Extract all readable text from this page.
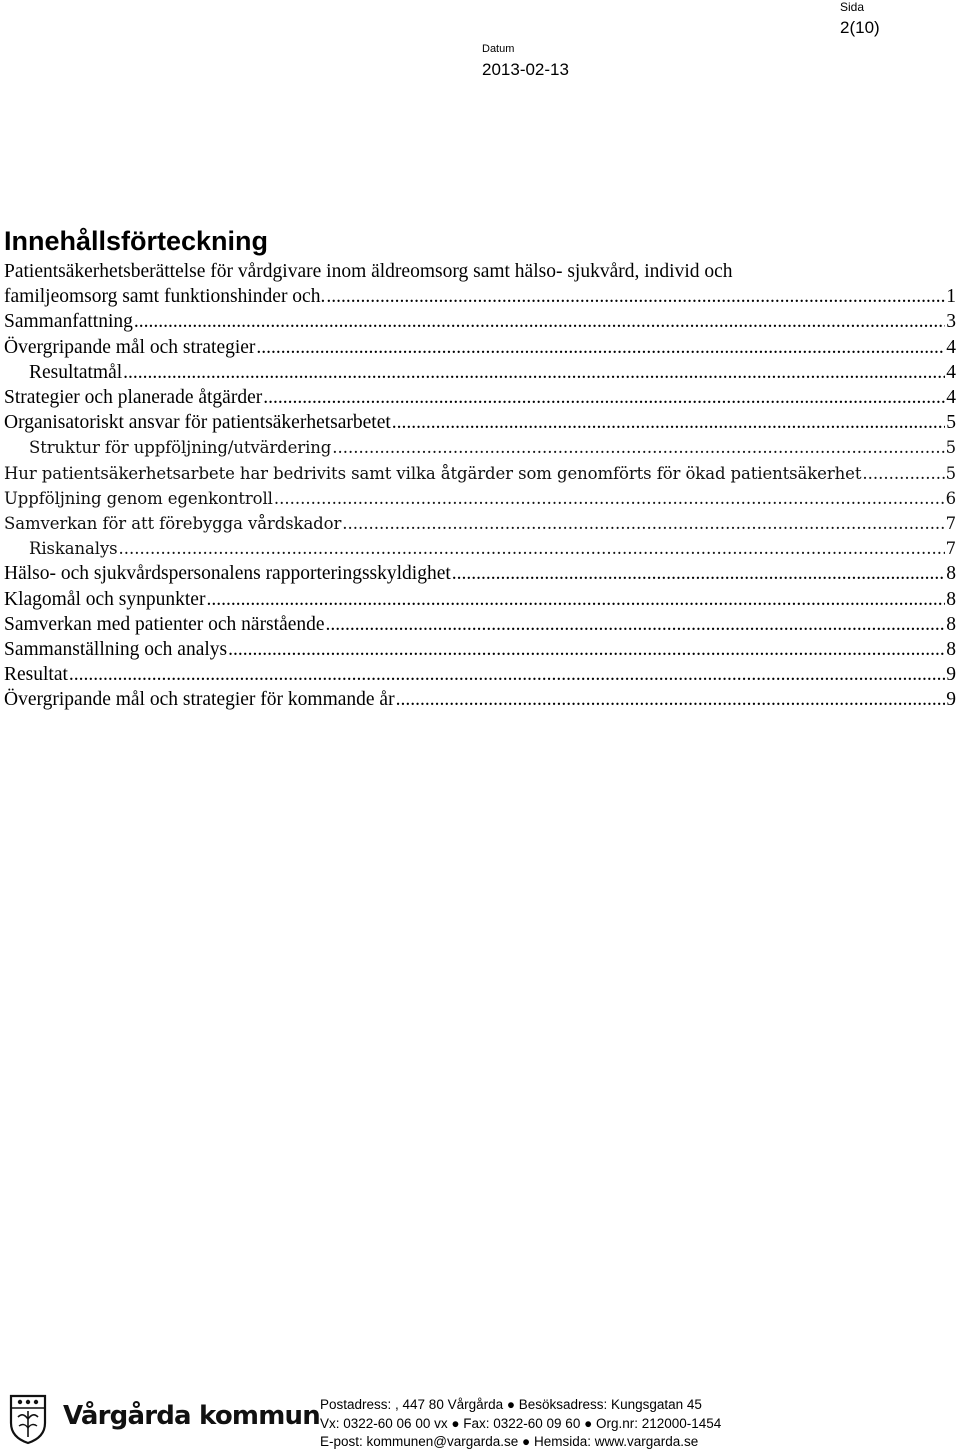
Sida
2(10)
Datum
2013-02-13
Innehållsförteckning
Patientsäkerhetsberättelse för vårdgivare inom äldreomsorg samt hälso- sjukvård, individ och
familjeomsorg samt funktionshinder och. .....	1
Sammanfattning .....	3
Övergripande mål och strategier .....	4
Resultatmål .....	4
Strategier och planerade åtgärder .....	4
Organisatoriskt ansvar för patientsäkerhetsarbetet .....	5
Struktur för uppföljning/utvärdering .....	5
Hur patientsäkerhetsarbete har bedrivits samt vilka åtgärder som genomförts för ökad patientsäkerhet .....	5
Uppföljning genom egenkontroll .....	6
Samverkan för att förebygga vårdskador .....	7
Riskanalys .....	7
Hälso- och sjukvårdspersonalens rapporteringsskyldighet .....	8
Klagomål och synpunkter .....	8
Samverkan med patienter och närstående .....	8
Sammanställning och analys .....	8
Resultat .....	9
Övergripande mål och strategier för kommande år .....	9
Vårgårda kommun Postadress: , 447 80 Vårgårda ● Besöksadress: Kungsgatan 45
Vx: 0322-60 06 00 vx ● Fax: 0322-60 09 60 ● Org.nr: 212000-1454
E-post: kommunen@vargarda.se ● Hemsida: www.vargarda.se
